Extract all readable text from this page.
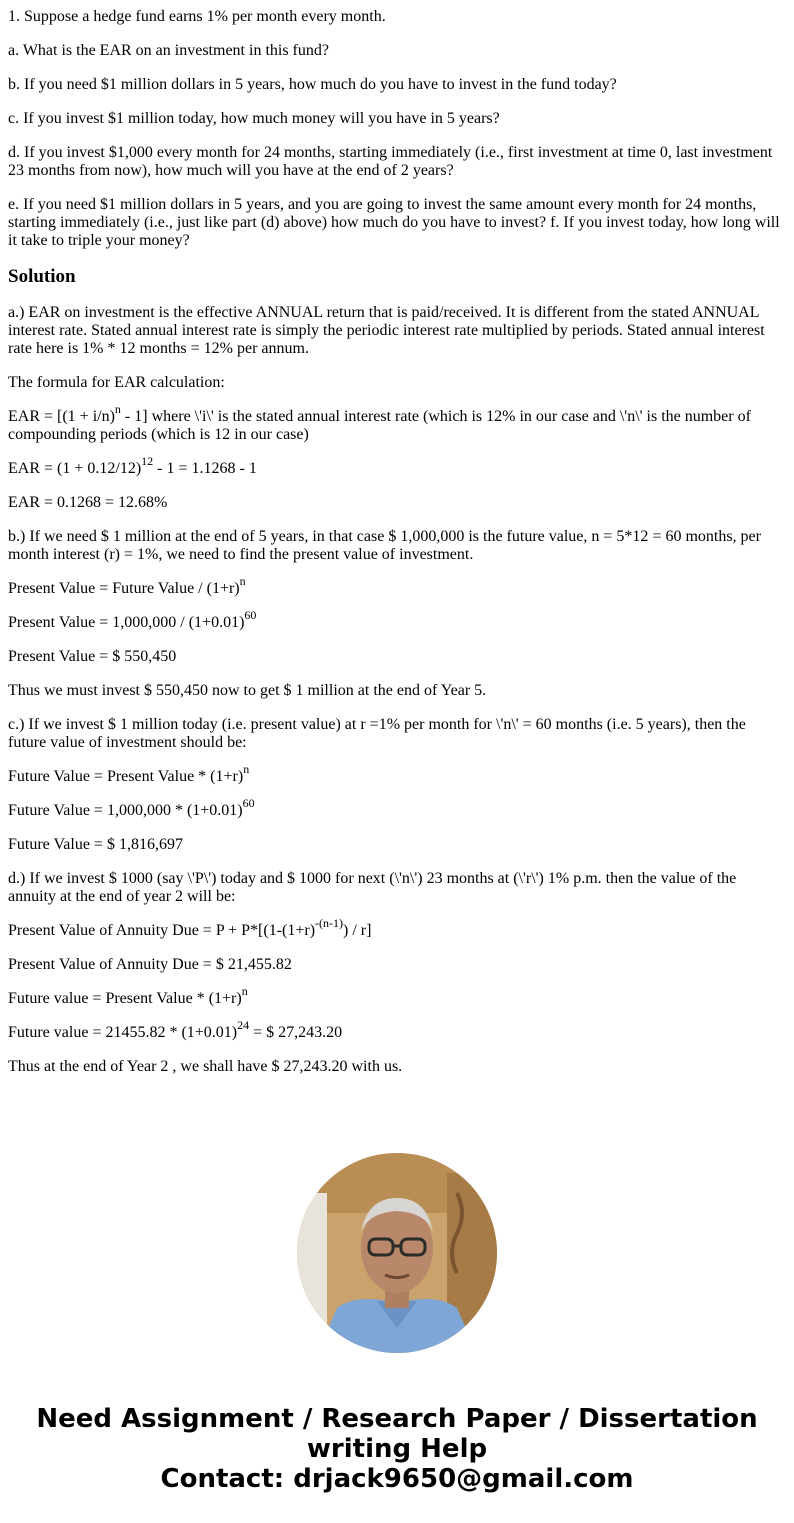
1. Suppose a hedge fund earns 1% per month every month.

a. What is the EAR on an investment in this fund?

b. If you need $1 million dollars in 5 years, how much do you have to invest in the fund today?

c. If you invest $1 million today, how much money will you have in 5 years?

d. If you invest $1,000 every month for 24 months, starting immediately (i.e., first investment at time 0, last investment 23 months from now), how much will you have at the end of 2 years?

e. If you need $1 million dollars in 5 years, and you are going to invest the same amount every month for 24 months, starting immediately (i.e., just like part (d) above) how much do you have to invest? f. If you invest today, how long will it take to triple your money?

Solution

a.) EAR on investment is the effective ANNUAL return that is paid/received. It is different from the stated ANNUAL interest rate. Stated annual interest rate is simply the periodic interest rate multiplied by periods. Stated annual interest rate here is 1% * 12 months = 12% per annum.

The formula for EAR calculation:

EAR = $[(1 + i/n)^n - 1]$ where \'i\' is the stated annual interest rate (which is 12% in our case and \'n\' is the number of compounding periods (which is 12 in our case)

EAR = $(1 + 0.12/12)^{12} - 1 = 1.1268 - 1$

EAR = 0.1268 = 12.68%

b.) If we need $ 1 million at the end of 5 years, in that case $ 1,000,000 is the future value, n = 5*12 = 60 months, per month interest (r) = 1%, we need to find the present value of investment.

Present Value = Future Value / $(1+r)^n$

Present Value = $1,000,000 / (1+0.01)^{60}$

Present Value = $ 550,450

Thus we must invest $ 550,450 now to get $ 1 million at the end of Year 5.

c.) If we invest $ 1 million today (i.e. present value) at r =1% per month for \'n\' = 60 months (i.e. 5 years), then the future value of investment should be:

Future Value = Present Value * $(1+r)^n$

Future Value = $1,000,000 * (1+0.01)^{60}$

Future Value = $ 1,816,697

d.) If we invest $ 1000 (say \'P\') today and $ 1000 for next (\'n\') 23 months at (\'r\') 1% p.m. then the value of the annuity at the end of year 2 will be:

Present Value of Annuity Due = $P + P*[(1-(1+r)^{-(n-1)}) / r]$

Present Value of Annuity Due = $ 21,455.82

Future value = Present Value * $(1+r)^n$

Future value = $21455.82 * (1+0.01)^{24}$ = $ 27,243.20

Thus at the end of Year 2 , we shall have $ 27,243.20 with us.

Need Assignment / Research Paper / Dissertation
writing Help
Contact: drjack9650@gmail.com
